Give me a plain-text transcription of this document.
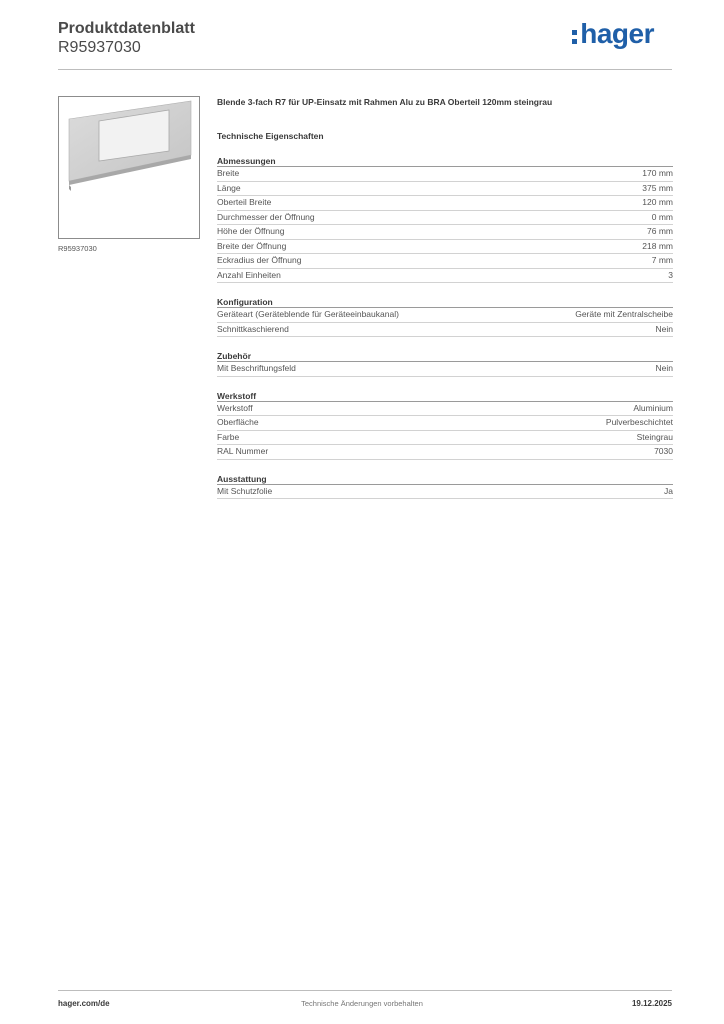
Produktdatenblatt
R95937030	hager
R95937030
Blende 3-fach R7 für UP-Einsatz mit Rahmen Alu zu BRA Oberteil 120mm steingrau
Technische Eigenschaften
Abmessungen
Breite	170 mm
Länge	375 mm
Oberteil Breite	120 mm
Durchmesser der Öffnung	0 mm
Höhe der Öffnung	76 mm
Breite der Öffnung	218 mm
Eckradius der Öffnung	7 mm
Anzahl Einheiten	3
Konfiguration
Geräteart (Geräteblende für Geräteeinbaukanal)	Geräte mit Zentralscheibe
Schnittkaschierend	Nein
Zubehör
Mit Beschriftungsfeld	Nein
Werkstoff
Werkstoff	Aluminium
Oberfläche	Pulverbeschichtet
Farbe	Steingrau
RAL Nummer	7030
Ausstattung
Mit Schutzfolie	Ja
hager.com/de	Technische Änderungen vorbehalten	19.12.2025
